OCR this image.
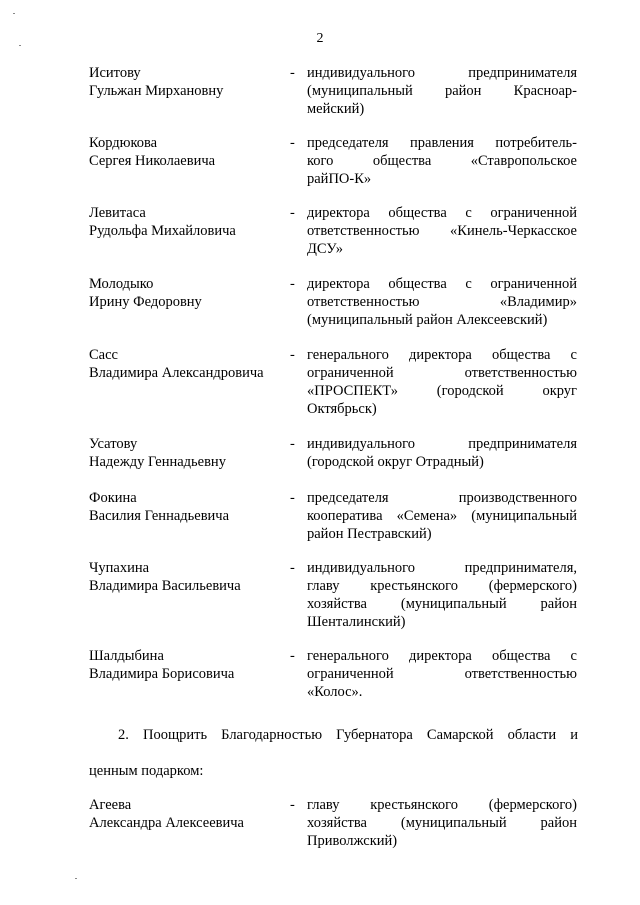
2
Иситову
Гульжан Мирхановну
- индивидуального предпринимателя
(муниципальный район Красноар-
мейский)
Кордюкова
Сергея Николаевича
- председателя правления потребитель-
кого общества «Ставропольское
райПО-К»
Левитаса
Рудольфа Михайловича
- директора общества с ограниченной
ответственностью «Кинель-Черкасское
ДСУ»
Молодыко
Ирину Федоровну
- директора общества с ограниченной
ответственностью «Владимир»
(муниципальный район Алексеевский)
Сасс
Владимира Александровича
- генерального директора общества с
ограниченной ответственностью
«ПРОСПЕКТ» (городской округ
Октябрьск)
Усатову
Надежду Геннадьевну
- индивидуального предпринимателя
(городской округ Отрадный)
Фокина
Василия Геннадьевича
- председателя производственного
кооператива «Семена» (муниципальный
район Пестравский)
Чупахина
Владимира Васильевича
- индивидуального предпринимателя,
главу крестьянского (фермерского)
хозяйства (муниципальный район
Шенталинский)
Шалдыбина
Владимира Борисовича
- генерального директора общества с
ограниченной ответственностью
«Колос».
2. Поощрить Благодарностью Губернатора Самарской области и
ценным подарком:
Агеева
Александра Алексеевича
- главу крестьянского (фермерского)
хозяйства (муниципальный район
Приволжский)
